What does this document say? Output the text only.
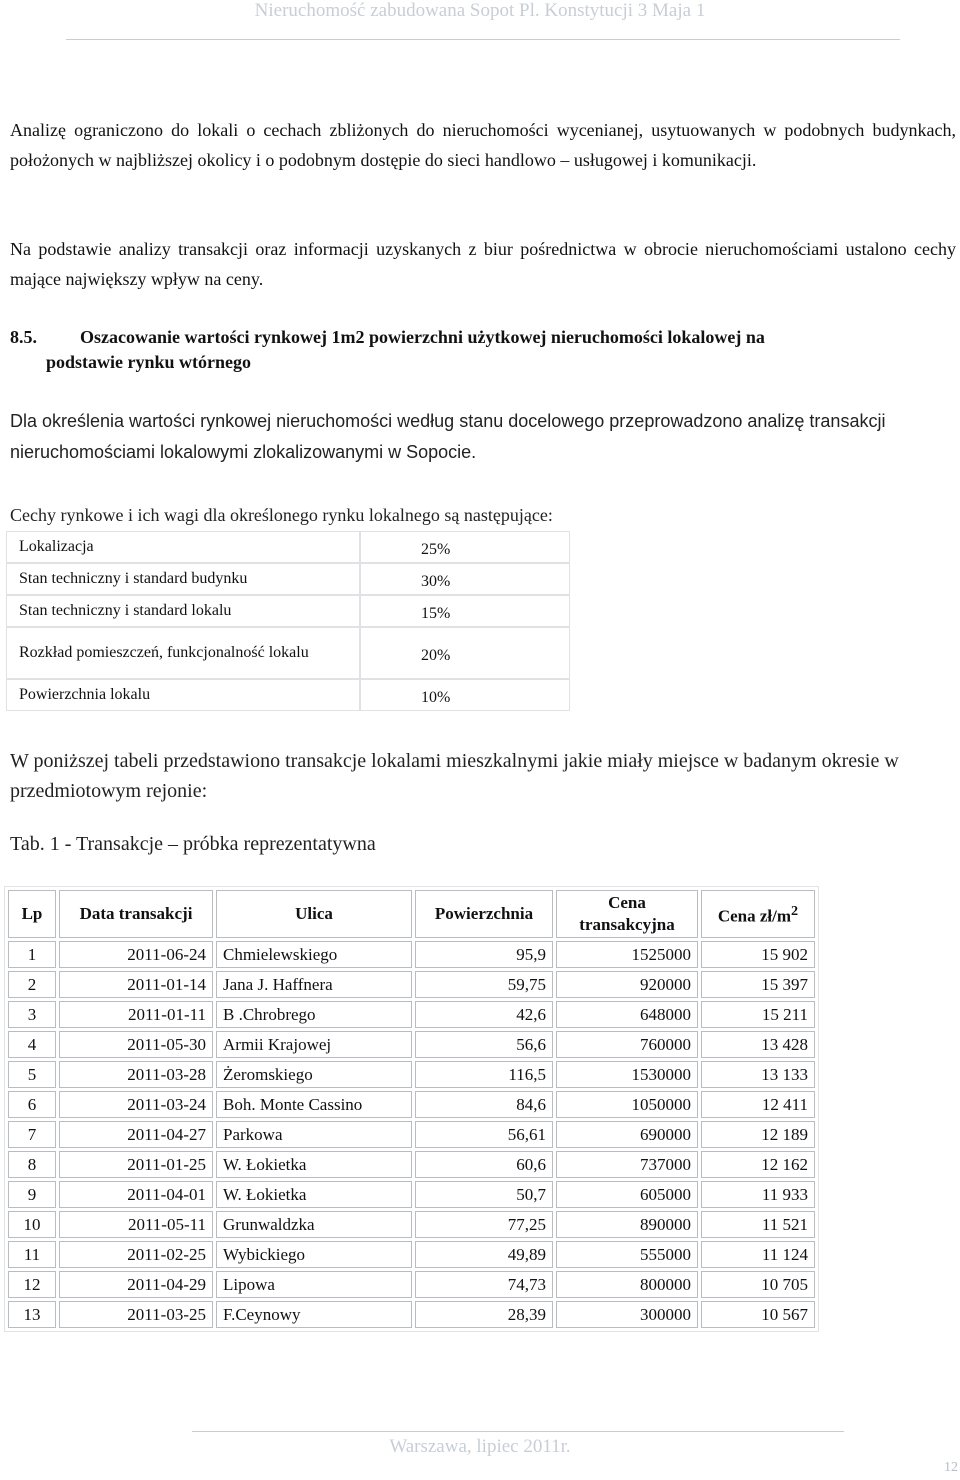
Nieruchomość zabudowana Sopot Pl. Konstytucji 3 Maja 1
Analizę ograniczono do lokali o cechach zbliżonych do nieruchomości wycenianej, usytuowanych w podobnych budynkach, położonych w najbliższej okolicy i o podobnym dostępie do sieci handlowo – usługowej i komunikacji.
Na podstawie analizy transakcji oraz informacji uzyskanych z biur pośrednictwa w obrocie nieruchomościami ustalono cechy mające największy wpływ na ceny.
8.5. Oszacowanie wartości rynkowej 1m2 powierzchni użytkowej nieruchomości lokalowej na
podstawie rynku wtórnego
Dla określenia wartości rynkowej nieruchomości według stanu docelowego przeprowadzono analizę transakcji nieruchomościami lokalowymi zlokalizowanymi w Sopocie.
Cechy rynkowe i ich wagi dla określonego rynku lokalnego są następujące:
Lokalizacja	25%
Stan techniczny i standard budynku	30%
Stan techniczny i standard lokalu	15%
Rozkład pomieszczeń, funkcjonalność lokalu	20%
Powierzchnia lokalu	10%
W poniższej tabeli przedstawiono transakcje lokalami mieszkalnymi jakie miały miejsce w badanym okresie w przedmiotowym rejonie:
Tab. 1 - Transakcje – próbka reprezentatywna
Lp	Data transakcji	Ulica	Powierzchnia	Cena transakcyjna	Cena $zł/m^2$
1	2011-06-24	Chmielewskiego	95,9	1525000	15 902
2	2011-01-14	Jana J. Haffnera	59,75	920000	15 397
3	2011-01-11	B .Chrobrego	42,6	648000	15 211
4	2011-05-30	Armii Krajowej	56,6	760000	13 428
5	2011-03-28	Żeromskiego	116,5	1530000	13 133
6	2011-03-24	Boh. Monte Cassino	84,6	1050000	12 411
7	2011-04-27	Parkowa	56,61	690000	12 189
8	2011-01-25	W. Łokietka	60,6	737000	12 162
9	2011-04-01	W. Łokietka	50,7	605000	11 933
10	2011-05-11	Grunwaldzka	77,25	890000	11 521
11	2011-02-25	Wybickiego	49,89	555000	11 124
12	2011-04-29	Lipowa	74,73	800000	10 705
13	2011-03-25	F.Ceynowy	28,39	300000	10 567
Warszawa, lipiec 2011r.
12
